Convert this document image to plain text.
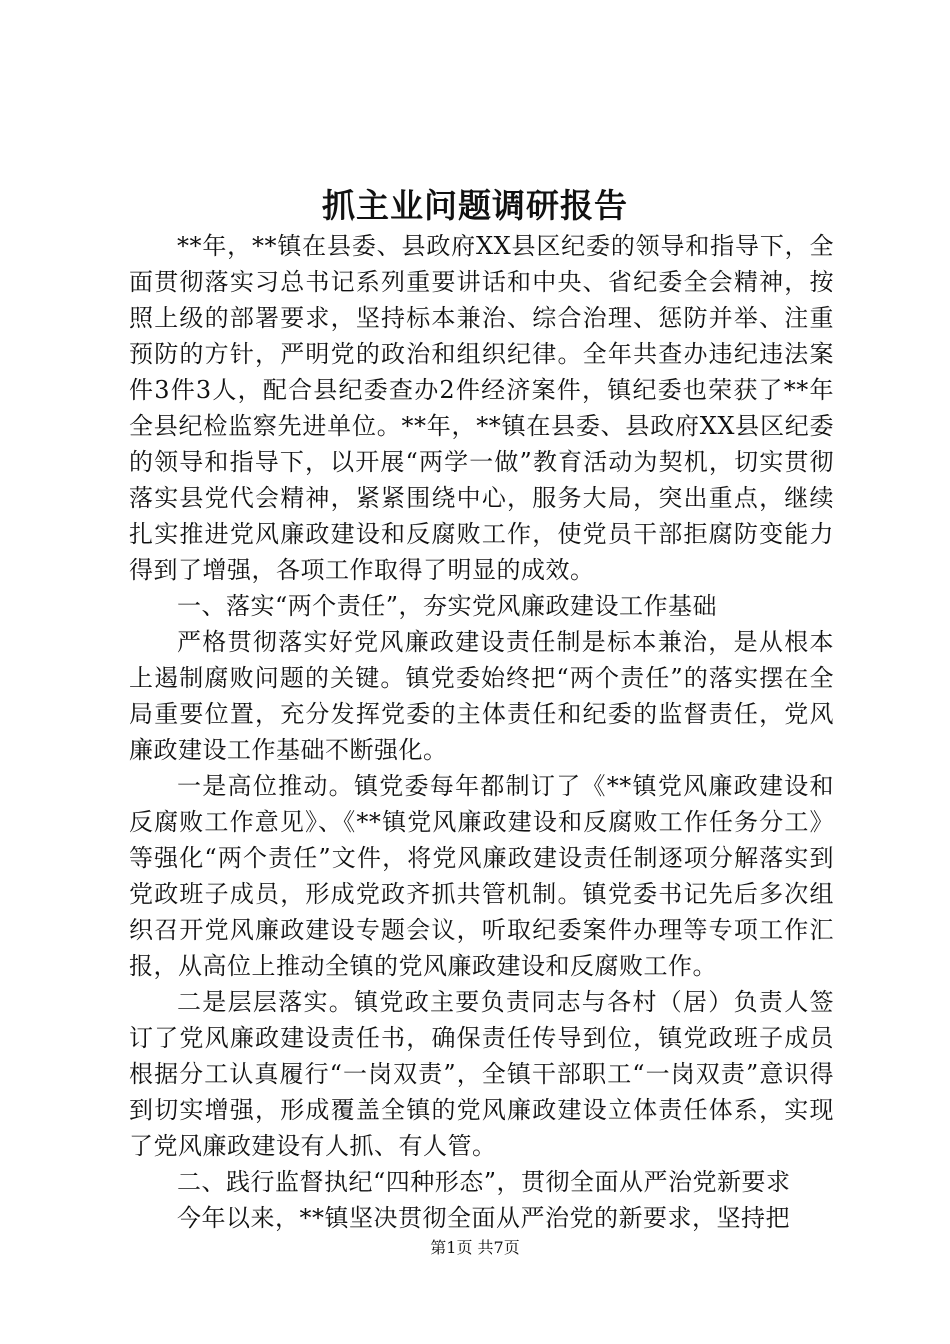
抓主业问题调研报告

**年，**镇在县委、县政府XX县区纪委的领导和指导下，全面贯彻落实习总书记系列重要讲话和中央、省纪委全会精神，按照上级的部署要求，坚持标本兼治、综合治理、惩防并举、注重预防的方针，严明党的政治和组织纪律。全年共查办违纪违法案件3件3人，配合县纪委查办2件经济案件，镇纪委也荣获了**年全县纪检监察先进单位。**年，**镇在县委、县政府XX县区纪委的领导和指导下，以开展“两学一做”教育活动为契机，切实贯彻落实县党代会精神，紧紧围绕中心，服务大局，突出重点，继续扎实推进党风廉政建设和反腐败工作，使党员干部拒腐防变能力得到了增强，各项工作取得了明显的成效。

一、落实“两个责任”，夯实党风廉政建设工作基础

严格贯彻落实好党风廉政建设责任制是标本兼治，是从根本上遏制腐败问题的关键。镇党委始终把“两个责任”的落实摆在全局重要位置，充分发挥党委的主体责任和纪委的监督责任，党风廉政建设工作基础不断强化。

一是高位推动。镇党委每年都制订了《**镇党风廉政建设和反腐败工作意见》、《**镇党风廉政建设和反腐败工作任务分工》等强化“两个责任”文件，将党风廉政建设责任制逐项分解落实到党政班子成员，形成党政齐抓共管机制。镇党委书记先后多次组织召开党风廉政建设专题会议，听取纪委案件办理等专项工作汇报，从高位上推动全镇的党风廉政建设和反腐败工作。

二是层层落实。镇党政主要负责同志与各村（居）负责人签订了党风廉政建设责任书，确保责任传导到位，镇党政班子成员根据分工认真履行“一岗双责”，全镇干部职工“一岗双责”意识得到切实增强，形成覆盖全镇的党风廉政建设立体责任体系，实现了党风廉政建设有人抓、有人管。

二、践行监督执纪“四种形态”，贯彻全面从严治党新要求

今年以来，**镇坚决贯彻全面从严治党的新要求，坚持把

第1页 共7页
